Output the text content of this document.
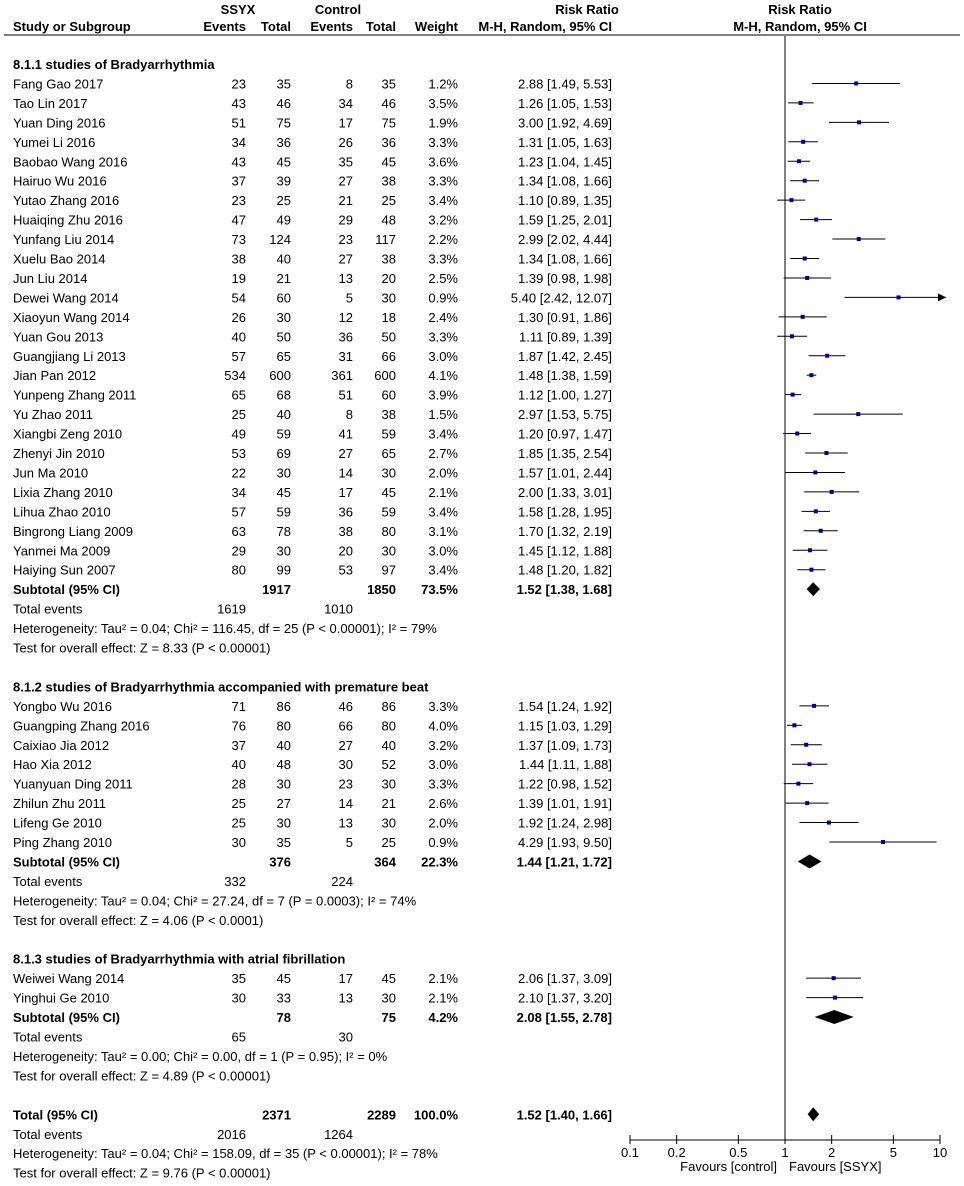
SSYX	Control	Risk Ratio	Risk Ratio
Study or Subgroup	Events Total Events Total Weight M-H, Random, 95% CI	M-H, Random, 95% CI
8.1.1 studies of Bradyarrhythmia
Fang Gao 2017	23 35	8 35 1.2%	2.88 [1.49, 5.53]
Tao Lin 2017	43 46	34 46 3.5%	1.26 [1.05, 1.53]
Yuan Ding 2016	51 75	17 75 1.9%	3.00 [1.92, 4.69]
Yumei Li 2016	34 36	26 36 3.3%	1.31 [1.05, 1.63]
Baobao Wang 2016	43 45	35 45 3.6%	1.23 [1.04, 1.45]
Hairuo Wu 2016	37 39	27 38 3.3%	1.34 [1.08, 1.66]
Yutao Zhang 2016	23 25	21 25 3.4%	1.10 [0.89, 1.35]
Huaiqing Zhu 2016	47 49	29 48 3.2%	1.59 [1.25, 2.01]
Yunfang Liu 2014	73 124	23 117 2.2%	2.99 [2.02, 4.44]
Xuelu Bao 2014	38 40	27 38 3.3%	1.34 [1.08, 1.66]
Jun Liu 2014	19 21	13 20 2.5%	1.39 [0.98, 1.98]
Dewei Wang 2014	54 60	5 30 0.9%	5.40 [2.42, 12.07]
Xiaoyun Wang 2014	26 30	12 18 2.4%	1.30 [0.91, 1.86]
Yuan Gou 2013	40 50	36 50 3.3%	1.11 [0.89, 1.39]
Guangjiang Li 2013	57 65	31 66 3.0%	1.87 [1.42, 2.45]
Jian Pan 2012	534 600	361 600 4.1%	1.48 [1.38, 1.59]
Yunpeng Zhang 2011	65 68	51 60 3.9%	1.12 [1.00, 1.27]
Yu Zhao 2011	25 40	8 38 1.5%	2.97 [1.53, 5.75]
Xiangbi Zeng 2010	49 59	41 59 3.4%	1.20 [0.97, 1.47]
Zhenyi Jin 2010	53 69	27 65 2.7%	1.85 [1.35, 2.54]
Jun Ma 2010	22 30	14 30 2.0%	1.57 [1.01, 2.44]
Lixia Zhang 2010	34 45	17 45 2.1%	2.00 [1.33, 3.01]
Lihua Zhao 2010	57 59	36 59 3.4%	1.58 [1.28, 1.95]
Bingrong Liang 2009	63 78	38 80 3.1%	1.70 [1.32, 2.19]
Yanmei Ma 2009	29 30	20 30 3.0%	1.45 [1.12, 1.88]
Haiying Sun 2007	80 99	53 97 3.4%	1.48 [1.20, 1.82]
Subtotal (95% CI)	1917	1850 73.5%	1.52 [1.38, 1.68]
Total events	1619	1010
Heterogeneity: Tau² = 0.04; Chi² = 116.45, df = 25 (P < 0.00001); I² = 79%
Test for overall effect: Z = 8.33 (P < 0.00001)
8.1.2 studies of Bradyarrhythmia accompanied with premature beat
Yongbo Wu 2016	71 86	46 86 3.3%	1.54 [1.24, 1.92]
Guangping Zhang 2016	76 80	66 80 4.0%	1.15 [1.03, 1.29]
Caixiao Jia 2012	37 40	27 40 3.2%	1.37 [1.09, 1.73]
Hao Xia 2012	40 48	30 52 3.0%	1.44 [1.11, 1.88]
Yuanyuan Ding 2011	28 30	23 30 3.3%	1.22 [0.98, 1.52]
Zhilun Zhu 2011	25 27	14 21 2.6%	1.39 [1.01, 1.91]
Lifeng Ge 2010	25 30	13 30 2.0%	1.92 [1.24, 2.98]
Ping Zhang 2010	30 35	5 25 0.9%	4.29 [1.93, 9.50]
Subtotal (95% CI)	376	364 22.3%	1.44 [1.21, 1.72]
Total events	332	224
Heterogeneity: Tau² = 0.04; Chi² = 27.24, df = 7 (P = 0.0003); I² = 74%
Test for overall effect: Z = 4.06 (P < 0.0001)
8.1.3 studies of Bradyarrhythmia with atrial fibrillation
Weiwei Wang 2014	35 45	17 45 2.1%	2.06 [1.37, 3.09]
Yinghui Ge 2010	30 33	13 30 2.1%	2.10 [1.37, 3.20]
Subtotal (95% CI)	78	75 4.2%	2.08 [1.55, 2.78]
Total events	65	30
Heterogeneity: Tau² = 0.00; Chi² = 0.00, df = 1 (P = 0.95); I² = 0%
Test for overall effect: Z = 4.89 (P < 0.00001)
Total (95% CI)	2371	2289 100.0%	1.52 [1.40, 1.66]
Total events	2016	1264
Heterogeneity: Tau² = 0.04; Chi² = 158.09, df = 35 (P < 0.00001); I² = 78%
Test for overall effect: Z = 9.76 (P < 0.00001)
0.1 0.2	0.5	1	2	5	10
Favours [control] Favours [SSYX]
